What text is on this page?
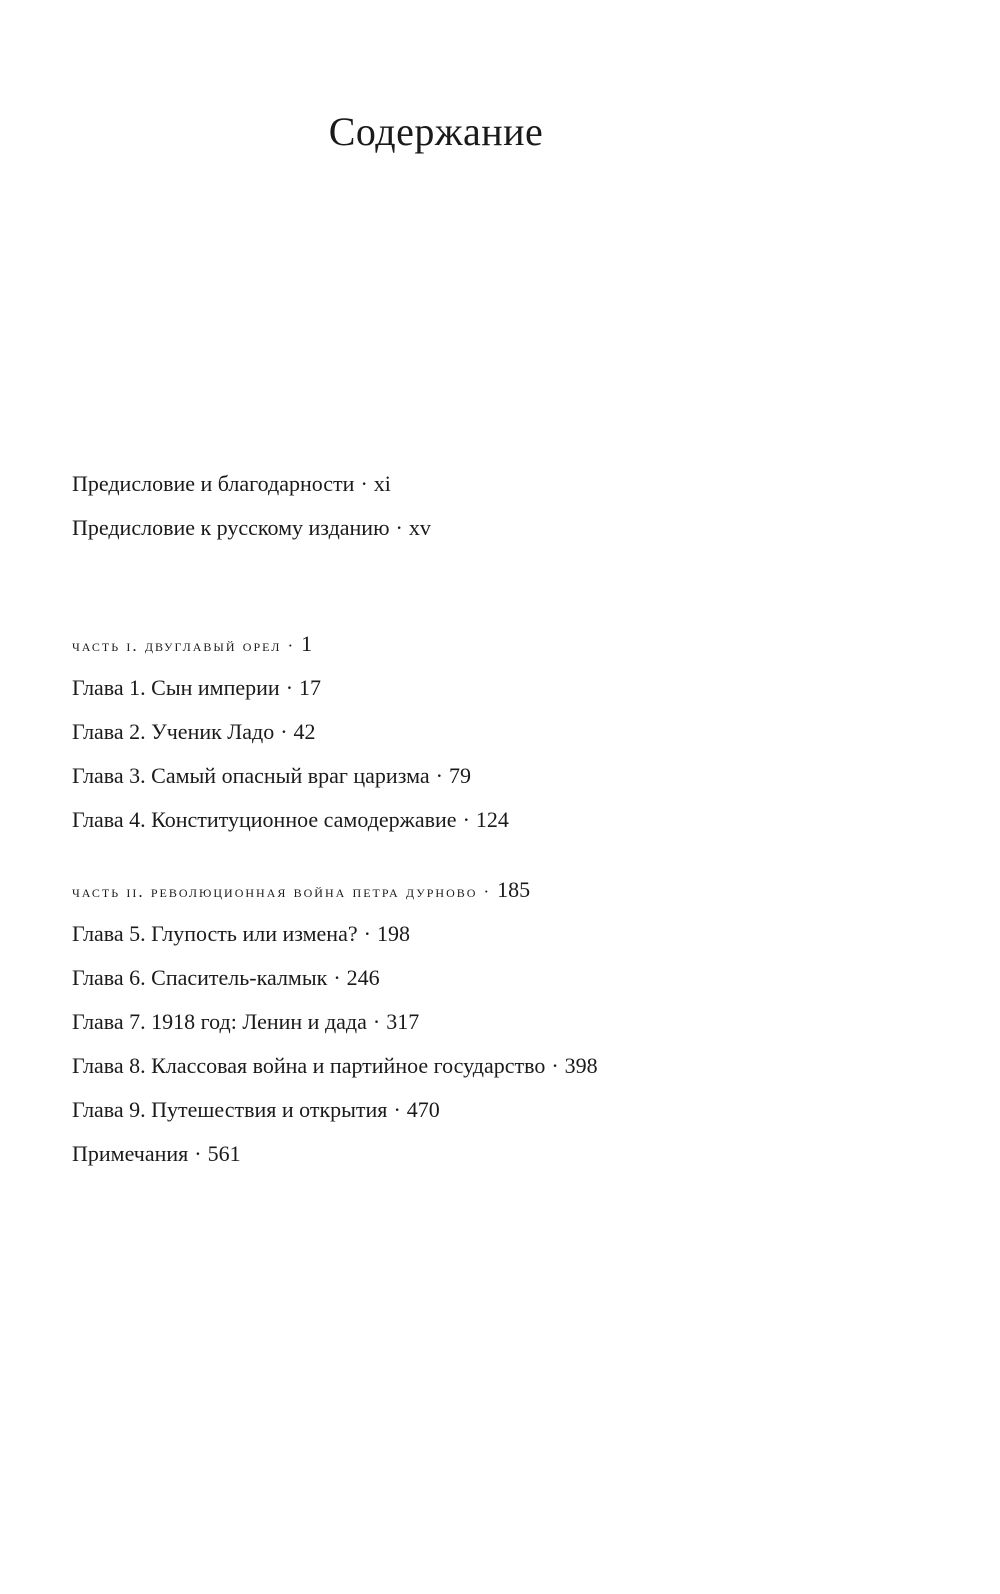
Содержание
Предисловие и благодарности · xi
Предисловие к русскому изданию · xv
часть i. двуглавый орел · 1
Глава 1. Сын империи · 17
Глава 2. Ученик Ладо · 42
Глава 3. Самый опасный враг царизма · 79
Глава 4. Конституционное самодержавие · 124
часть ii. революционная война петра дурново · 185
Глава 5. Глупость или измена? · 198
Глава 6. Спаситель-калмык · 246
Глава 7. 1918 год: Ленин и дада · 317
Глава 8. Классовая война и партийное государство · 398
Глава 9. Путешествия и открытия · 470
Примечания · 561
